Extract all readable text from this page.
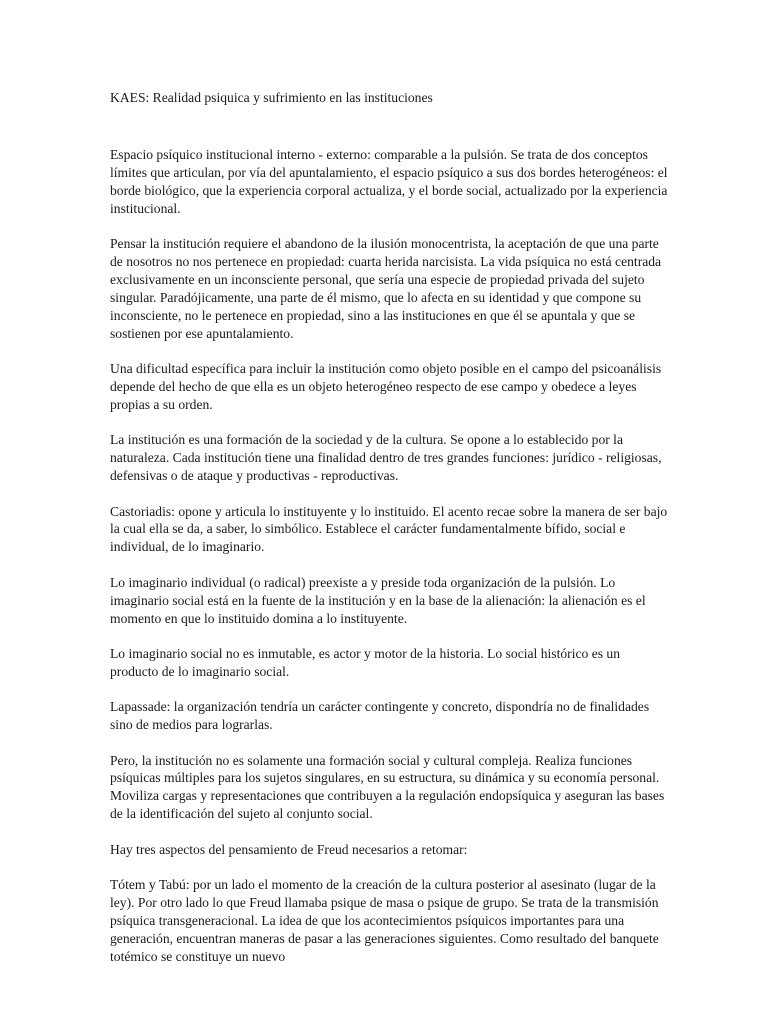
KAES: Realidad psiquica y sufrimiento en las instituciones

Espacio psíquico institucional interno - externo: comparable a la pulsión. Se trata de dos conceptos límites que articulan, por vía del apuntalamiento, el espacio psíquico a sus dos bordes heterogéneos: el borde biológico, que la experiencia corporal actualiza, y el borde social, actualizado por la experiencia institucional.

Pensar la institución requiere el abandono de la ilusión monocentrista, la aceptación de que una parte de nosotros no nos pertenece en propiedad: cuarta herida narcisista. La vida psíquica no está centrada exclusivamente en un inconsciente personal, que sería una especie de propiedad privada del sujeto singular. Paradójicamente, una parte de él mismo, que lo afecta en su identidad y que compone su inconsciente, no le pertenece en propiedad, sino a las instituciones en que él se apuntala y que se sostienen por ese apuntalamiento.

Una dificultad específica para incluir la institución como objeto posible en el campo del psicoanálisis depende del hecho de que ella es un objeto heterogéneo respecto de ese campo y obedece a leyes propias a su orden.

La institución es una formación de la sociedad y de la cultura. Se opone a lo establecido por la naturaleza. Cada institución tiene una finalidad dentro de tres grandes funciones: jurídico - religiosas, defensivas o de ataque y productivas - reproductivas.

Castoriadis: opone y articula lo instituyente y lo instituido. El acento recae sobre la manera de ser bajo la cual ella se da, a saber, lo simbólico. Establece el carácter fundamentalmente bífido, social e individual, de lo imaginario.

Lo imaginario individual (o radical) preexiste a y preside toda organización de la pulsión. Lo imaginario social está en la fuente de la institución y en la base de la alienación: la alienación es el momento en que lo instituido domina a lo instituyente.

Lo imaginario social no es inmutable, es actor y motor de la historia. Lo social histórico es un producto de lo imaginario social.

Lapassade: la organización tendría un carácter contingente y concreto, dispondría no de finalidades sino de medios para lograrlas.

Pero, la institución no es solamente una formación social y cultural compleja. Realiza funciones psíquicas múltiples para los sujetos singulares, en su estructura, su dinámica y su economía personal. Moviliza cargas y representaciones que contribuyen a la regulación endopsíquica y aseguran las bases de la identificación del sujeto al conjunto social.

Hay tres aspectos del pensamiento de Freud necesarios a retomar:

Tótem y Tabú: por un lado el momento de la creación de la cultura posterior al asesinato (lugar de la ley). Por otro lado lo que Freud llamaba psique de masa o psique de grupo. Se trata de la transmisión psíquica transgeneracional. La idea de que los acontecimientos psíquicos importantes para una generación, encuentran maneras de pasar a las generaciones siguientes. Como resultado del banquete totémico se constituye un nuevo
